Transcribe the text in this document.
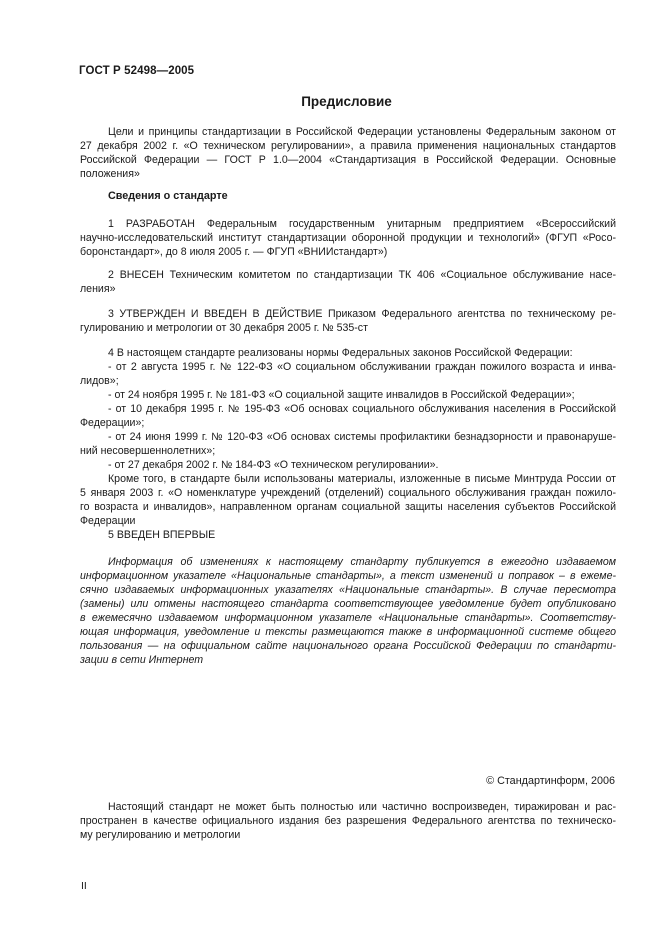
ГОСТ Р 52498—2005
Предисловие
Цели и принципы стандартизации в Российской Федерации установлены Федеральным законом от
27 декабря 2002 г. «О техническом регулировании», а правила применения национальных стандартов
Российской Федерации — ГОСТ Р 1.0—2004 «Стандартизация в Российской Федерации. Основные
положения»
Сведения о стандарте
1 РАЗРАБОТАН Федеральным государственным унитарным предприятием «Всероссийский
научно-исследовательский институт стандартизации оборонной продукции и технологий» (ФГУП «Росо-
боронстандарт», до 8 июля 2005 г. — ФГУП «ВНИИстандарт»)
2 ВНЕСЕН Техническим комитетом по стандартизации ТК 406 «Социальное обслуживание насе-
ления»
3 УТВЕРЖДЕН И ВВЕДЕН В ДЕЙСТВИЕ Приказом Федерального агентства по техническому ре-
гулированию и метрологии от 30 декабря 2005 г. № 535-ст
4 В настоящем стандарте реализованы нормы Федеральных законов Российской Федерации:
- от 2 августа 1995 г. № 122-ФЗ «О социальном обслуживании граждан пожилого возраста и инва-
лидов»;
- от 24 ноября 1995 г. № 181-ФЗ «О социальной защите инвалидов в Российской Федерации»;
- от 10 декабря 1995 г. № 195-ФЗ «Об основах социального обслуживания населения в Российской
Федерации»;
- от 24 июня 1999 г. № 120-ФЗ «Об основах системы профилактики безнадзорности и правонаруше-
ний несовершеннолетних»;
- от 27 декабря 2002 г. № 184-ФЗ «О техническом регулировании».
Кроме того, в стандарте были использованы материалы, изложенные в письме Минтруда России от
5 января 2003 г. «О номенклатуре учреждений (отделений) социального обслуживания граждан пожило-
го возраста и инвалидов», направленном органам социальной защиты населения субъектов Российской
Федерации
5 ВВЕДЕН ВПЕРВЫЕ
Информация об изменениях к настоящему стандарту публикуется в ежегодно издаваемом
информационном указателе «Национальные стандарты», а текст изменений и поправок – в ежеме-
сячно издаваемых информационных указателях «Национальные стандарты». В случае пересмотра
(замены) или отмены настоящего стандарта соответствующее уведомление будет опубликовано
в ежемесячно издаваемом информационном указателе «Национальные стандарты». Соответству-
ющая информация, уведомление и тексты размещаются также в информационной системе общего
пользования — на официальном сайте национального органа Российской Федерации по стандарти-
зации в сети Интернет
© Стандартинформ, 2006
Настоящий стандарт не может быть полностью или частично воспроизведен, тиражирован и рас-
пространен в качестве официального издания без разрешения Федерального агентства по техническо-
му регулированию и метрологии
II
